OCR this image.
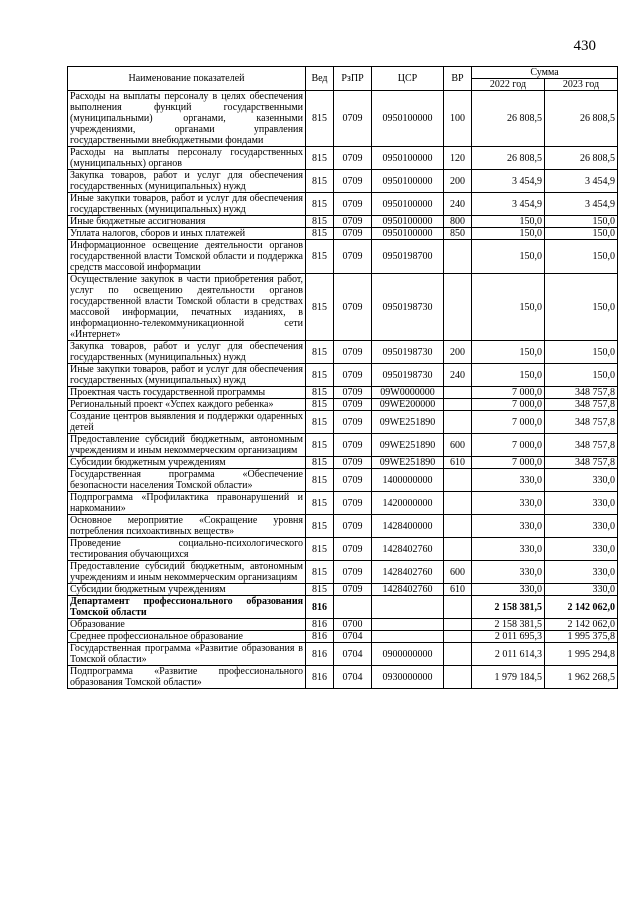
430
Наименование показателей	Вед	РзПР	ЦСР	ВР	Сумма	
					2022 год	2023 год
Расходы на выплаты персоналу в целях обеспечения выполнения функций государственными (муниципальными) органами, казенными учреждениями, органами управления государственными внебюджетными фондами	815	0709	0950100000	100	26 808,5	26 808,5
Расходы на выплаты персоналу государственных (муниципальных) органов	815	0709	0950100000	120	26 808,5	26 808,5
Закупка товаров, работ и услуг для обеспечения государственных (муниципальных) нужд	815	0709	0950100000	200	3 454,9	3 454,9
Иные закупки товаров, работ и услуг для обеспечения государственных (муниципальных) нужд	815	0709	0950100000	240	3 454,9	3 454,9
Иные бюджетные ассигнования	815	0709	0950100000	800	150,0	150,0
Уплата налогов, сборов и иных платежей	815	0709	0950100000	850	150,0	150,0
Информационное освещение деятельности органов государственной власти Томской области и поддержка средств массовой информации	815	0709	0950198700		150,0	150,0
Осуществление закупок в части приобретения работ, услуг по освещению деятельности органов государственной власти Томской области в средствах массовой информации, печатных изданиях, в информационно-телекоммуникационной сети «Интернет»	815	0709	0950198730		150,0	150,0
Закупка товаров, работ и услуг для обеспечения государственных (муниципальных) нужд	815	0709	0950198730	200	150,0	150,0
Иные закупки товаров, работ и услуг для обеспечения государственных (муниципальных) нужд	815	0709	0950198730	240	150,0	150,0
Проектная часть государственной программы	815	0709	09W0000000		7 000,0	348 757,8
Региональный проект «Успех каждого ребенка»	815	0709	09WE200000		7 000,0	348 757,8
Создание центров выявления и поддержки одаренных детей	815	0709	09WE251890		7 000,0	348 757,8
Предоставление субсидий бюджетным, автономным учреждениям и иным некоммерческим организациям	815	0709	09WE251890	600	7 000,0	348 757,8
Субсидии бюджетным учреждениям	815	0709	09WE251890	610	7 000,0	348 757,8
Государственная программа «Обеспечение безопасности населения Томской области»	815	0709	1400000000		330,0	330,0
Подпрограмма «Профилактика правонарушений и наркомании»	815	0709	1420000000		330,0	330,0
Основное мероприятие «Сокращение уровня потребления психоактивных веществ»	815	0709	1428400000		330,0	330,0
Проведение социально-психологического тестирования обучающихся	815	0709	1428402760		330,0	330,0
Предоставление субсидий бюджетным, автономным учреждениям и иным некоммерческим организациям	815	0709	1428402760	600	330,0	330,0
Субсидии бюджетным учреждениям	815	0709	1428402760	610	330,0	330,0
Департамент профессионального образования Томской области	816				2 158 381,5	2 142 062,0
Образование	816	0700			2 158 381,5	2 142 062,0
Среднее профессиональное образование	816	0704			2 011 695,3	1 995 375,8
Государственная программа «Развитие образования в Томской области»	816	0704	0900000000		2 011 614,3	1 995 294,8
Подпрограмма «Развитие профессионального образования Томской области»	816	0704	0930000000		1 979 184,5	1 962 268,5
